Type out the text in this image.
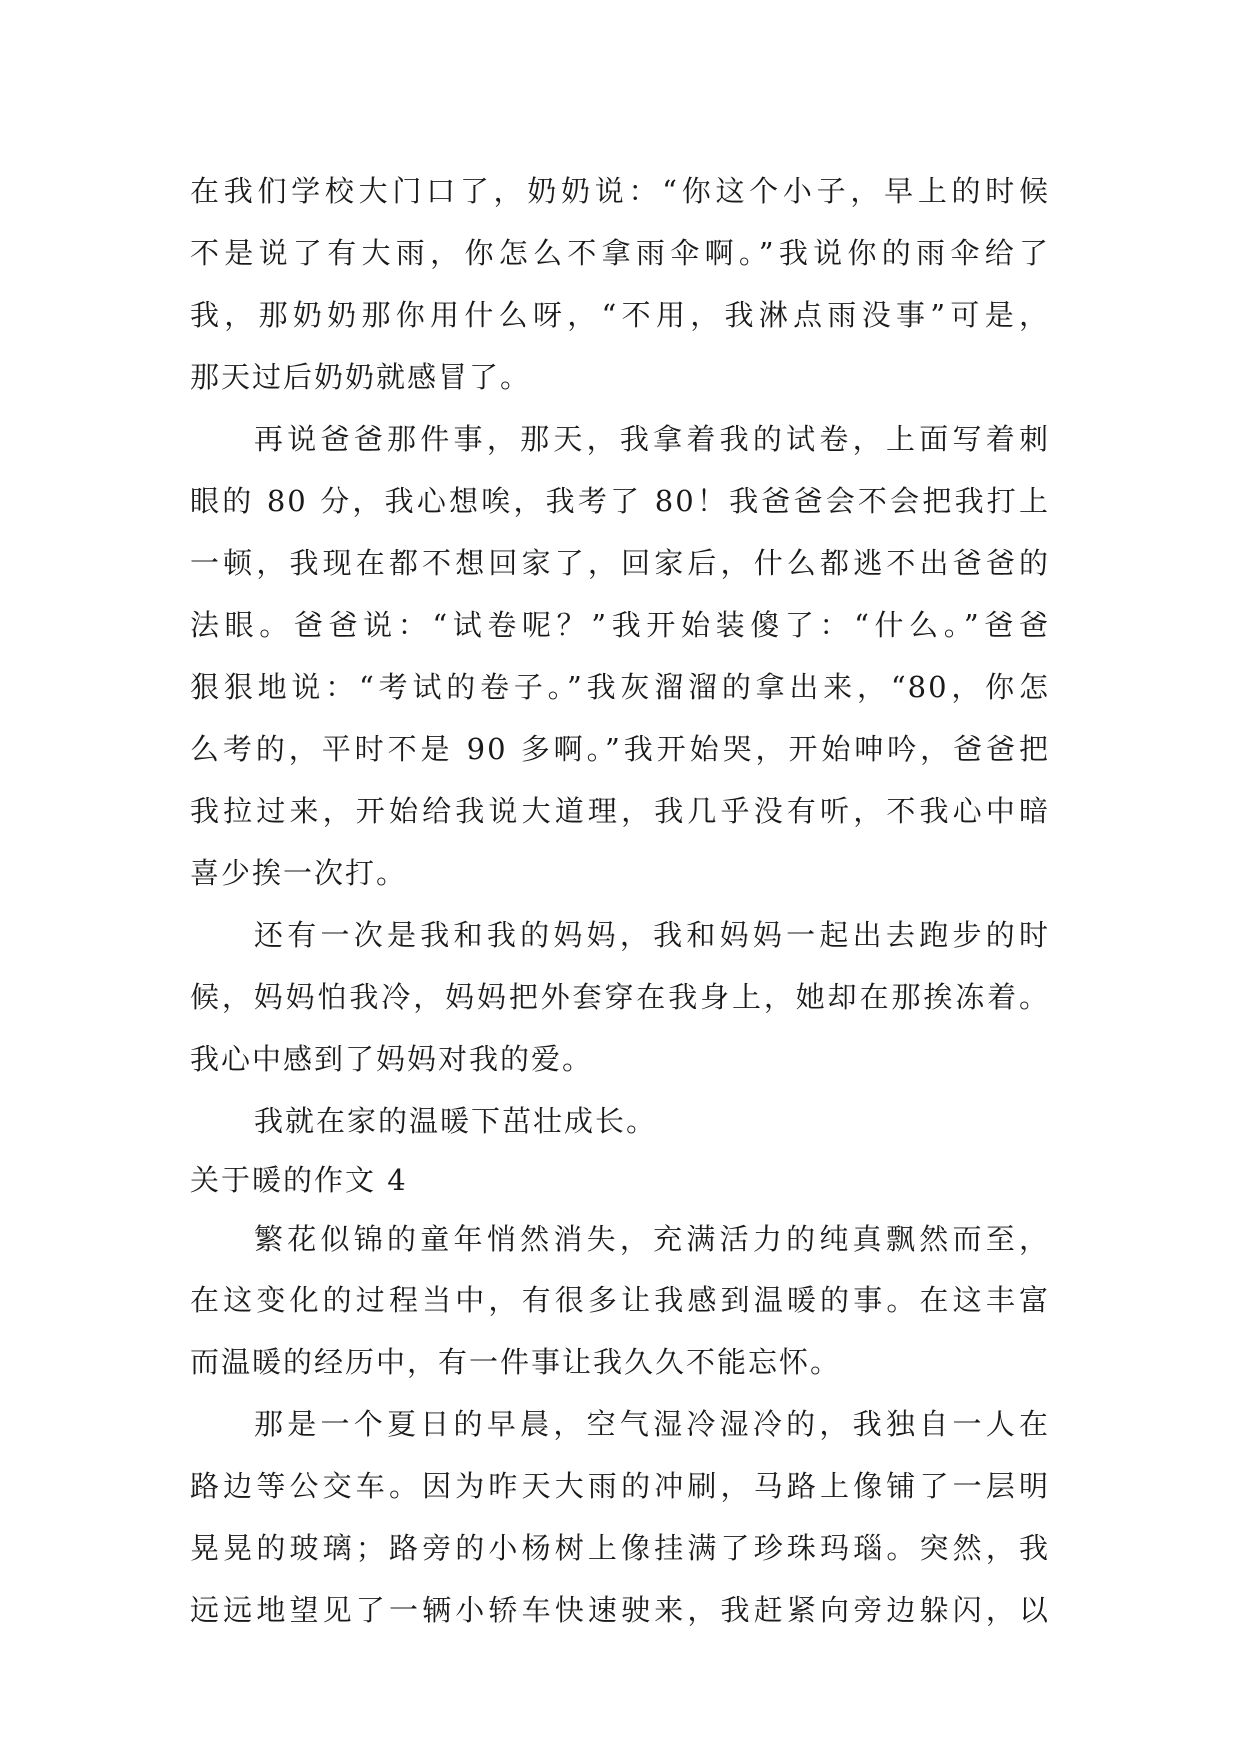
在我们学校大门口了，奶奶说：“你这个小子，早上的时候
不是说了有大雨，你怎么不拿雨伞啊。”我说你的雨伞给了
我，那奶奶那你用什么呀，“不用，我淋点雨没事”可是，
那天过后奶奶就感冒了。
再说爸爸那件事，那天，我拿着我的试卷，上面写着刺
眼的 80 分，我心想唉，我考了 80！我爸爸会不会把我打上
一顿，我现在都不想回家了，回家后，什么都逃不出爸爸的
法眼。爸爸说：“试卷呢？”我开始装傻了：“什么。”爸爸
狠狠地说：“考试的卷子。”我灰溜溜的拿出来，“80，你怎
么考的，平时不是 90 多啊。”我开始哭，开始呻吟，爸爸把
我拉过来，开始给我说大道理，我几乎没有听，不我心中暗
喜少挨一次打。
还有一次是我和我的妈妈，我和妈妈一起出去跑步的时
候，妈妈怕我冷，妈妈把外套穿在我身上，她却在那挨冻着。
我心中感到了妈妈对我的爱。
我就在家的温暖下茁壮成长。
关于暖的作文 4
繁花似锦的童年悄然消失，充满活力的纯真飘然而至，
在这变化的过程当中，有很多让我感到温暖的事。在这丰富
而温暖的经历中，有一件事让我久久不能忘怀。
那是一个夏日的早晨，空气湿冷湿冷的，我独自一人在
路边等公交车。因为昨天大雨的冲刷，马路上像铺了一层明
晃晃的玻璃；路旁的小杨树上像挂满了珍珠玛瑙。突然，我
远远地望见了一辆小轿车快速驶来，我赶紧向旁边躲闪，以
